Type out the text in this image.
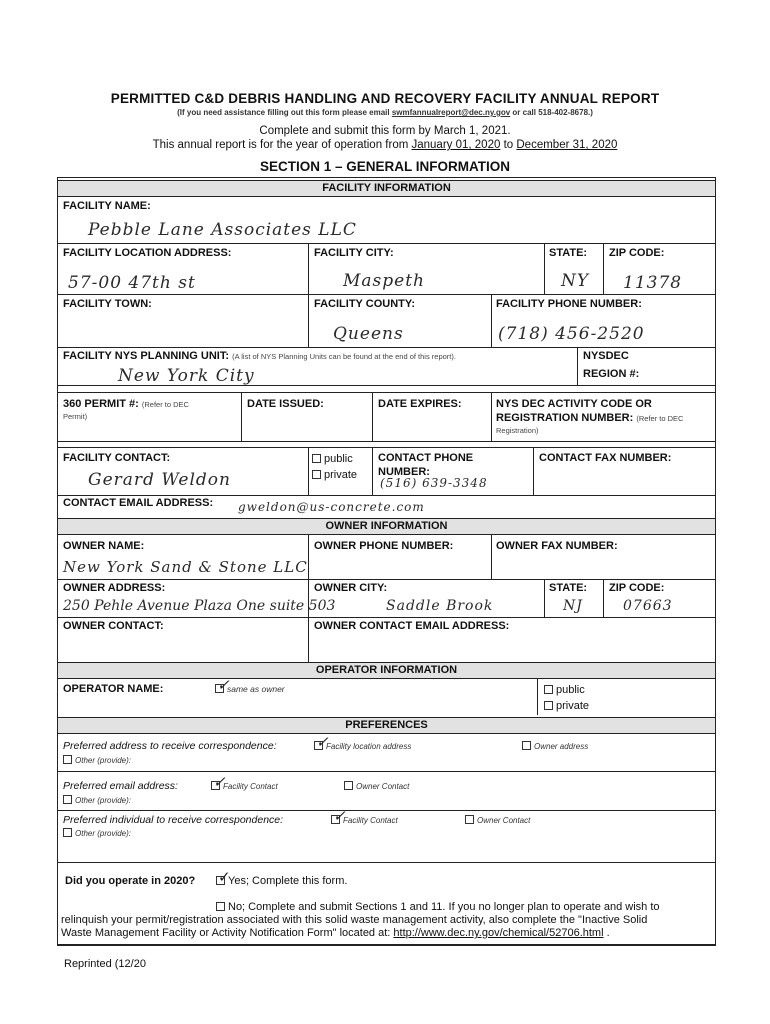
PERMITTED C&D DEBRIS HANDLING AND RECOVERY FACILITY ANNUAL REPORT
(If you need assistance filling out this form please email swmfannualreport@dec.ny.gov or call 518-402-8678.)
Complete and submit this form by March 1, 2021.
This annual report is for the year of operation from January 01, 2020 to December 31, 2020
SECTION 1 – GENERAL INFORMATION
FACILITY INFORMATION
FACILITY NAME:
Pebble Lane Associates LLC
FACILITY LOCATION ADDRESS:
57-00 47th st
FACILITY CITY:
Maspeth
STATE:
NY
ZIP CODE:
11378
FACILITY TOWN:	FACILITY COUNTY:
Queens
FACILITY PHONE NUMBER:
(718) 456-2520
FACILITY NYS PLANNING UNIT: (A list of NYS Planning Units can be found at the end of this report).
New York City
NYSDEC
REGION #:
360 PERMIT #: (Refer to DEC
Permit)
DATE ISSUED:	DATE EXPIRES:	NYS DEC ACTIVITY CODE OR
REGISTRATION NUMBER: (Refer to DEC
Registration)
FACILITY CONTACT:
Gerard Weldon
public
private
CONTACT PHONE
NUMBER:
(516) 639-3348
CONTACT FAX NUMBER:
CONTACT EMAIL ADDRESS: gweldon@us-concrete.com
OWNER INFORMATION
OWNER NAME:
New York Sand & Stone LLC
OWNER PHONE NUMBER:	OWNER FAX NUMBER:
OWNER ADDRESS:
250 Pehle Avenue Plaza One suite 503
OWNER CITY:
Saddle Brook
STATE:
NJ
ZIP CODE:
07663
OWNER CONTACT:	OWNER CONTACT EMAIL ADDRESS:
OPERATOR INFORMATION
OPERATOR NAME: ✓	same as owner	public
private
PREFERENCES
Preferred address to receive correspondence: ✓	Facility location address	Owner address
Other (provide):
Preferred email address: ✓	Facility Contact	Owner Contact
Other (provide):
Preferred individual to receive correspondence: ✓	Facility Contact	Owner Contact
Other (provide):
Did you operate in 2020? ✓	Yes; Complete this form.
No; Complete and submit Sections 1 and 11. If you no longer plan to operate and wish to
relinquish your permit/registration associated with this solid waste management activity, also complete the "Inactive Solid
Waste Management Facility or Activity Notification Form" located at: http://www.dec.ny.gov/chemical/52706.html .
Reprinted (12/20
